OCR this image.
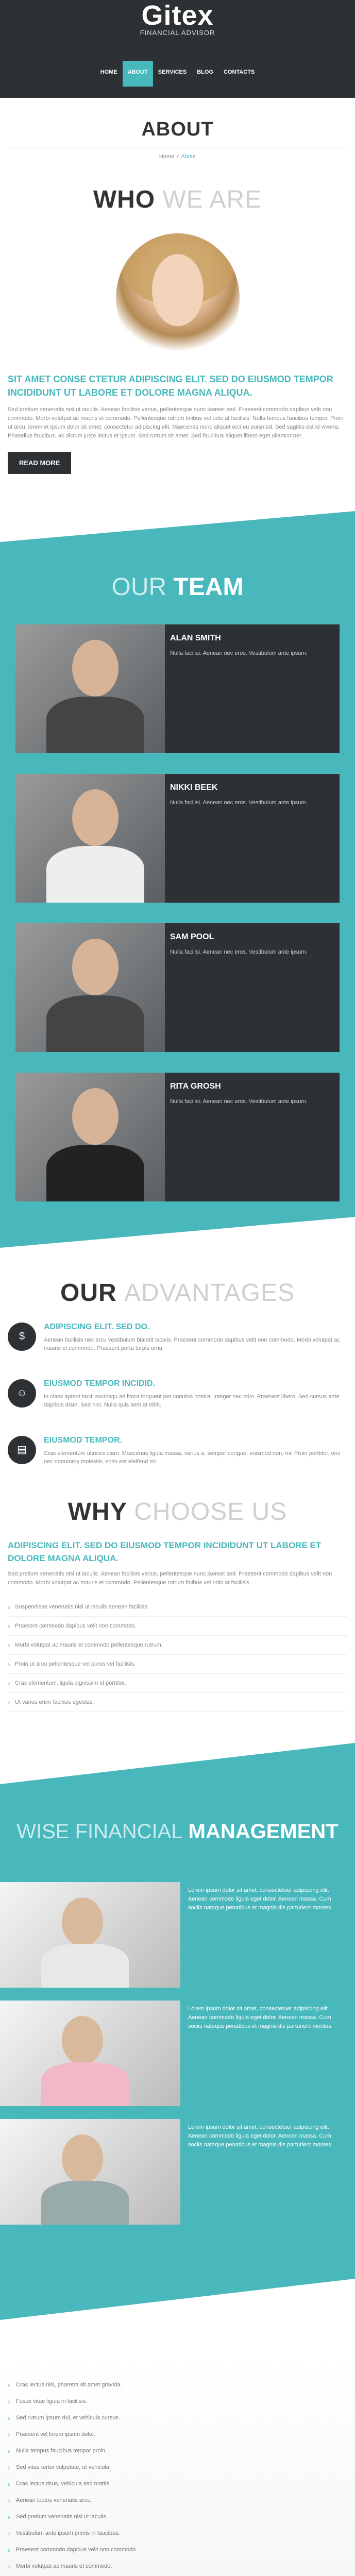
Gitex
FINANCIAL ADVISOR
HOME	ABOUT	SERVICES	BLOG	CONTACTS
ABOUT
Home / About
WHO WE ARE

SIT AMET CONSE CTETUR ADIPISCING ELIT. SED DO EIUSMOD TEMPOR INCIDIDUNT UT LABORE ET DOLORE MAGNA ALIQUA.

Sed pretium venenatis nisl ut iaculis. Aenean facilisis varius, pellentesque nunc laoreet sed. Praesent commodo dapibus velit non commodo. Morbi volutpat ac mauris et commodo. Pellentesque rutrum finibus vel odio at facilisis. Nulla tempus faucibus tempor. Proin ut arcu, lorem et ipsum dolor sit amet, consectetur adipiscing elit. Maecenas nunc aliquet orci eu euismod. Sed sagittis est id viverra. Phasellus faucibus, ac dictum justo lectus et ipsum. Sed rutrum sit amet. Sed faucibus aliquet libero eget ullamcorper.

READ MORE
OUR TEAM
ALAN SMITH
Nulla facilisi. Aenean nec eros. Vestibulum ante ipsum.
NIKKI BEEK
Nulla facilisi. Aenean nec eros. Vestibulum ante ipsum.
SAM POOL
Nulla facilisi. Aenean nec eros. Vestibulum ante ipsum.
RITA GROSH
Nulla facilisi. Aenean nec eros. Vestibulum ante ipsum.
OUR ADVANTAGES
$
ADIPISCING ELIT. SED DO.
Aenean facilisis nec arcu vestibulum blandit iaculis. Praesent commodo dapibus velit non commodo. Morbi volutpat ac mauris et commodo. Praesent porta turpis urna.
☺
EIUSMOD TEMPOR INCIDID.
In class aptent taciti sociosqu ad litora torquent per conubia nostra. Integer nec odio. Praesent libero. Sed cursus ante dapibus diam. Sed nisi. Nulla quis sem at nibh.
▤
EIUSMOD TEMPOR.
Cras elementum ultrices diam. Maecenas ligula massa, varius a, semper congue, euismod non, mi. Proin porttitor, orci nec nonummy molestie, enim est eleifend mi.
WHY CHOOSE US

ADIPISCING ELIT. SED DO EIUSMOD TEMPOR INCIDIDUNT UT LABORE ET DOLORE MAGNA ALIQUA.

Sed pretium venenatis nisl ut iaculis. Aenean facilisis varius, pellentesque nunc laoreet sed. Praesent commodo dapibus velit non commodo. Morbi volutpat ac mauris et commodo. Pellentesque rutrum finibus vel odio at facilisis.

› Suspendisse venenatis nisl ut iaculis aenean facilisis.
› Praesent commodo dapibus velit non commodo.
› Morbi volutpat ac mauris et commodo pellentesque rutrum.
› Proin ut arcu pellentesque vel purus vel facilisis.
› Cras elementum, ligula dignissim id porttitor.
› Ut varius enim facilisis egestas.
WISE FINANCIAL MANAGEMENT
Lorem ipsum dolor sit amet, consectetuer adipiscing elit. Aenean commodo ligula eget dolor. Aenean massa. Cum sociis natoque penatibus et magnis dis parturient montes.
Lorem ipsum dolor sit amet, consectetuer adipiscing elit. Aenean commodo ligula eget dolor. Aenean massa. Cum sociis natoque penatibus et magnis dis parturient montes.
Lorem ipsum dolor sit amet, consectetuer adipiscing elit. Aenean commodo ligula eget dolor. Aenean massa. Cum sociis natoque penatibus et magnis dis parturient montes.
› Cras lectus nisl, pharetra sit amet gravida.
› Fusce vitae ligula in facilisis.
› Sed rutrum ipsum dui, et vehicula cursus.
› Praesent vel lorem ipsum dolor.
› Nulla tempus faucibus tempor proin.
› Sed vitae tortor vulputate, ut vehicula.
› Cras lectus risus, vehicula sed mattis.
› Aenean luctus venenatis arcu.
› Sed pretium venenatis nisl ut iaculis.
› Vestibulum ante ipsum primis in faucibus.
› Praesent commodo dapibus velit non commodo.
› Morbi volutpat ac mauris et commodo.
›
